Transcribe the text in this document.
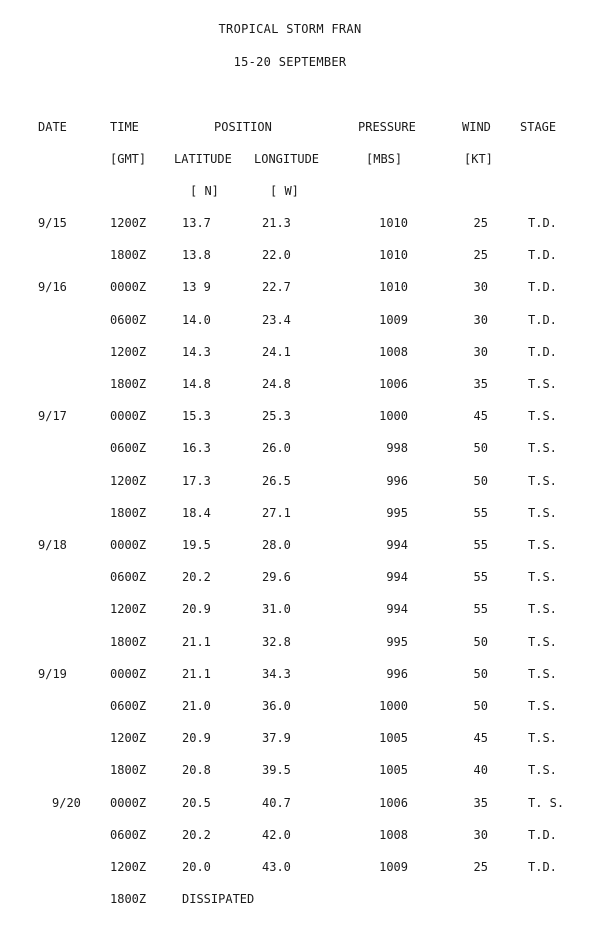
TROPICAL STORM FRAN
15-20 SEPTEMBER
DATE	TIME	POSITION	PRESSURE	WIND STAGE
[GMT] LATITUDE LONGITUDE	[MBS]	[KT]
[ N]	[ W]
9/15	1200Z	13.7	21.3	1010	25	T.D.
1800Z	13.8	22.0	1010	25	T.D.
9/16	0000Z	13 9	22.7	1010	30	T.D.
0600Z	14.0	23.4	1009	30	T.D.
1200Z	14.3	24.1	1008	30	T.D.
1800Z	14.8	24.8	1006	35	T.S.
9/17	0000Z	15.3	25.3	1000	45	T.S.
0600Z	16.3	26.0	998	50	T.S.
1200Z	17.3	26.5	996	50	T.S.
1800Z	18.4	27.1	995	55	T.S.
9/18	0000Z	19.5	28.0	994	55	T.S.
0600Z	20.2	29.6	994	55	T.S.
1200Z	20.9	31.0	994	55	T.S.
1800Z	21.1	32.8	995	50	T.S.
9/19	0000Z	21.1	34.3	996	50	T.S.
0600Z	21.0	36.0	1000	50	T.S.
1200Z	20.9	37.9	1005	45	T.S.
1800Z	20.8	39.5	1005	40	T.S.
9/20 0000Z	20.5	40.7	1006	35	T. S.
0600Z	20.2	42.0	1008	30	T.D.
1200Z	20.0	43.0	1009	25	T.D.
1800Z	DISSIPATED
